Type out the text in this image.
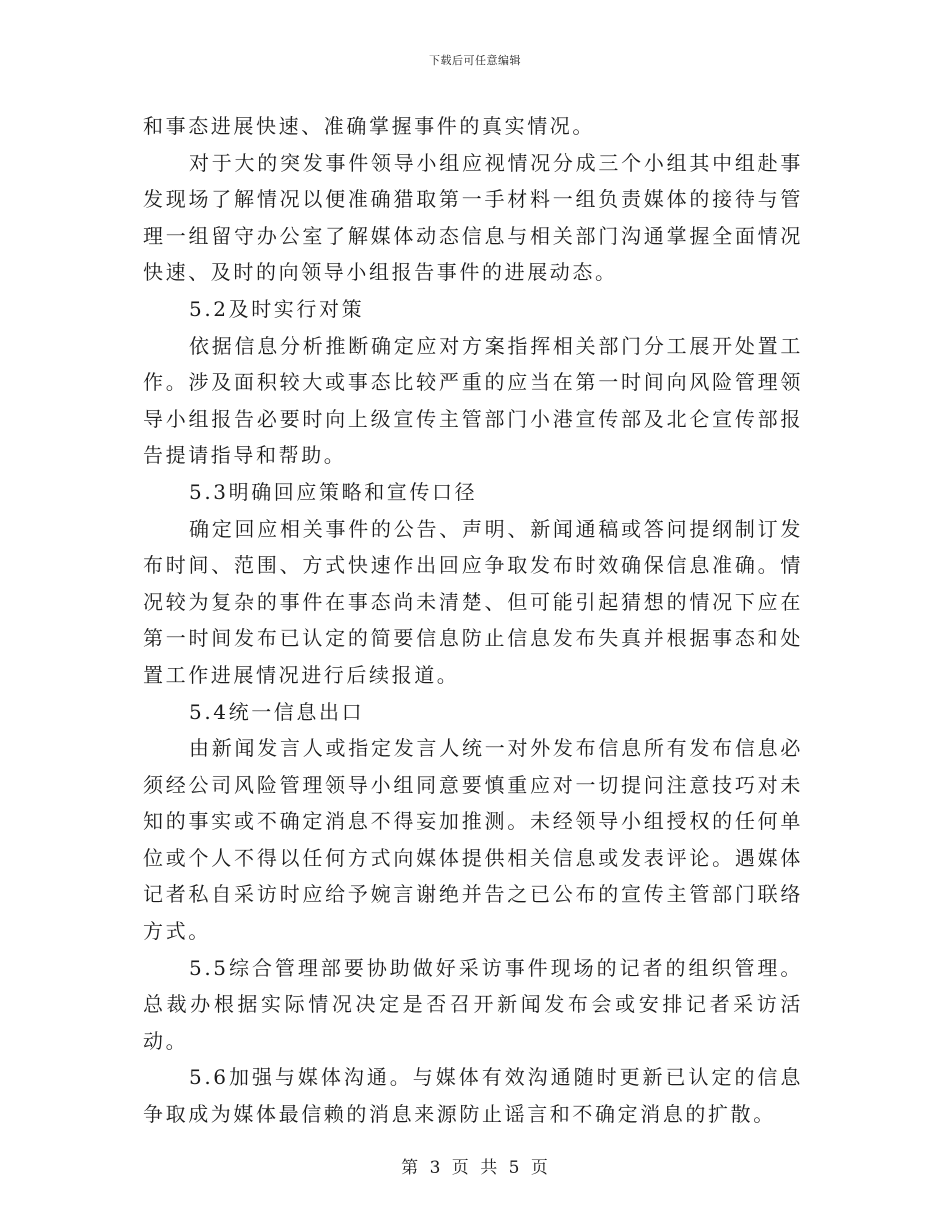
下载后可任意编辑

和事态进展快速、准确掌握事件的真实情况。

对于大的突发事件领导小组应视情况分成三个小组其中组赴事发现场了解情况以便准确猎取第一手材料一组负责媒体的接待与管理一组留守办公室了解媒体动态信息与相关部门沟通掌握全面情况快速、及时的向领导小组报告事件的进展动态。

5.2及时实行对策

依据信息分析推断确定应对方案指挥相关部门分工展开处置工作。涉及面积较大或事态比较严重的应当在第一时间向风险管理领导小组报告必要时向上级宣传主管部门小港宣传部及北仑宣传部报告提请指导和帮助。

5.3明确回应策略和宣传口径

确定回应相关事件的公告、声明、新闻通稿或答问提纲制订发布时间、范围、方式快速作出回应争取发布时效确保信息准确。情况较为复杂的事件在事态尚未清楚、但可能引起猜想的情况下应在第一时间发布已认定的简要信息防止信息发布失真并根据事态和处置工作进展情况进行后续报道。

5.4统一信息出口

由新闻发言人或指定发言人统一对外发布信息所有发布信息必须经公司风险管理领导小组同意要慎重应对一切提问注意技巧对未知的事实或不确定消息不得妄加推测。未经领导小组授权的任何单位或个人不得以任何方式向媒体提供相关信息或发表评论。遇媒体记者私自采访时应给予婉言谢绝并告之已公布的宣传主管部门联络方式。

5.5综合管理部要协助做好采访事件现场的记者的组织管理。总裁办根据实际情况决定是否召开新闻发布会或安排记者采访活动。

5.6加强与媒体沟通。与媒体有效沟通随时更新已认定的信息争取成为媒体最信赖的消息来源防止谣言和不确定消息的扩散。

第 3 页 共 5 页
